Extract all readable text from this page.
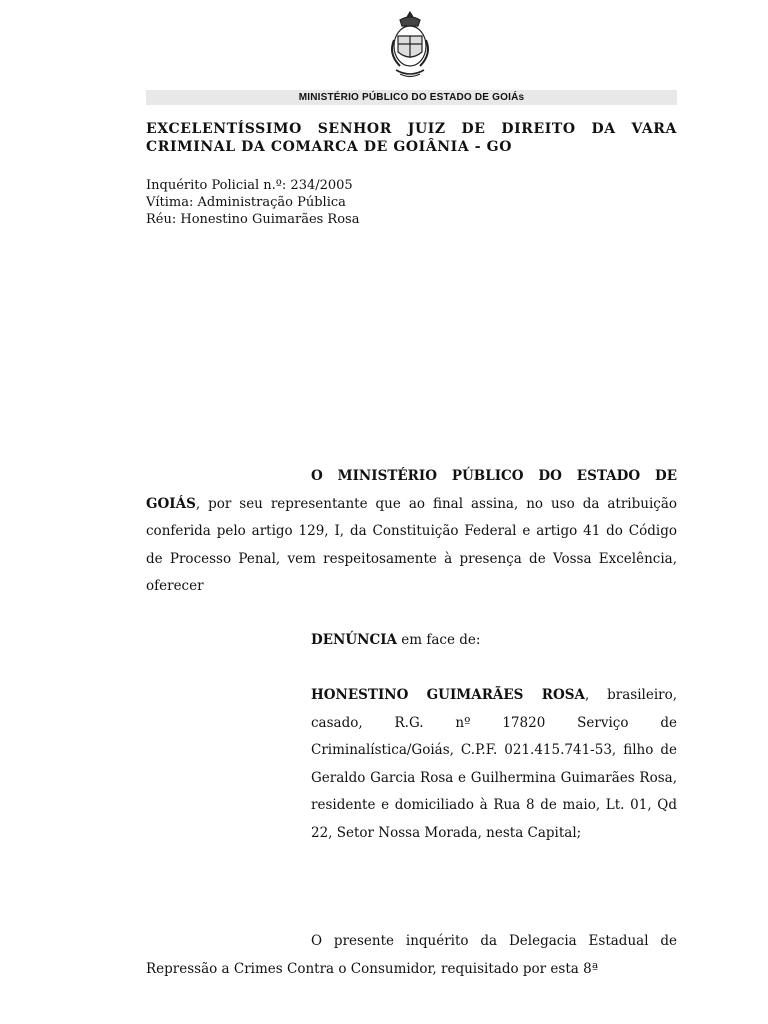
MINISTÉRIO PÚBLICO DO ESTADO DE GOIÁs
EXCELENTÍSSIMO SENHOR JUIZ DE DIREITO DA VARA CRIMINAL DA COMARCA DE GOIÂNIA - GO
Inquérito Policial n.º: 234/2005
Vítima: Administração Pública
Réu: Honestino Guimarães Rosa
O MINISTÉRIO PÚBLICO DO ESTADO DE GOIÁS, por seu representante que ao final assina, no uso da atribuição conferida pelo artigo 129, I, da Constituição Federal e artigo 41 do Código de Processo Penal, vem respeitosamente à presença de Vossa Excelência, oferecer
DENÚNCIA em face de:
HONESTINO GUIMARÃES ROSA, brasileiro, casado, R.G. nº 17820 Serviço de Criminalística/Goiás, C.P.F. 021.415.741-53, filho de Geraldo Garcia Rosa e Guilhermina Guimarães Rosa, residente e domiciliado à Rua 8 de maio, Lt. 01, Qd 22, Setor Nossa Morada, nesta Capital;
O presente inquérito da Delegacia Estadual de Repressão a Crimes Contra o Consumidor, requisitado por esta 8ª
